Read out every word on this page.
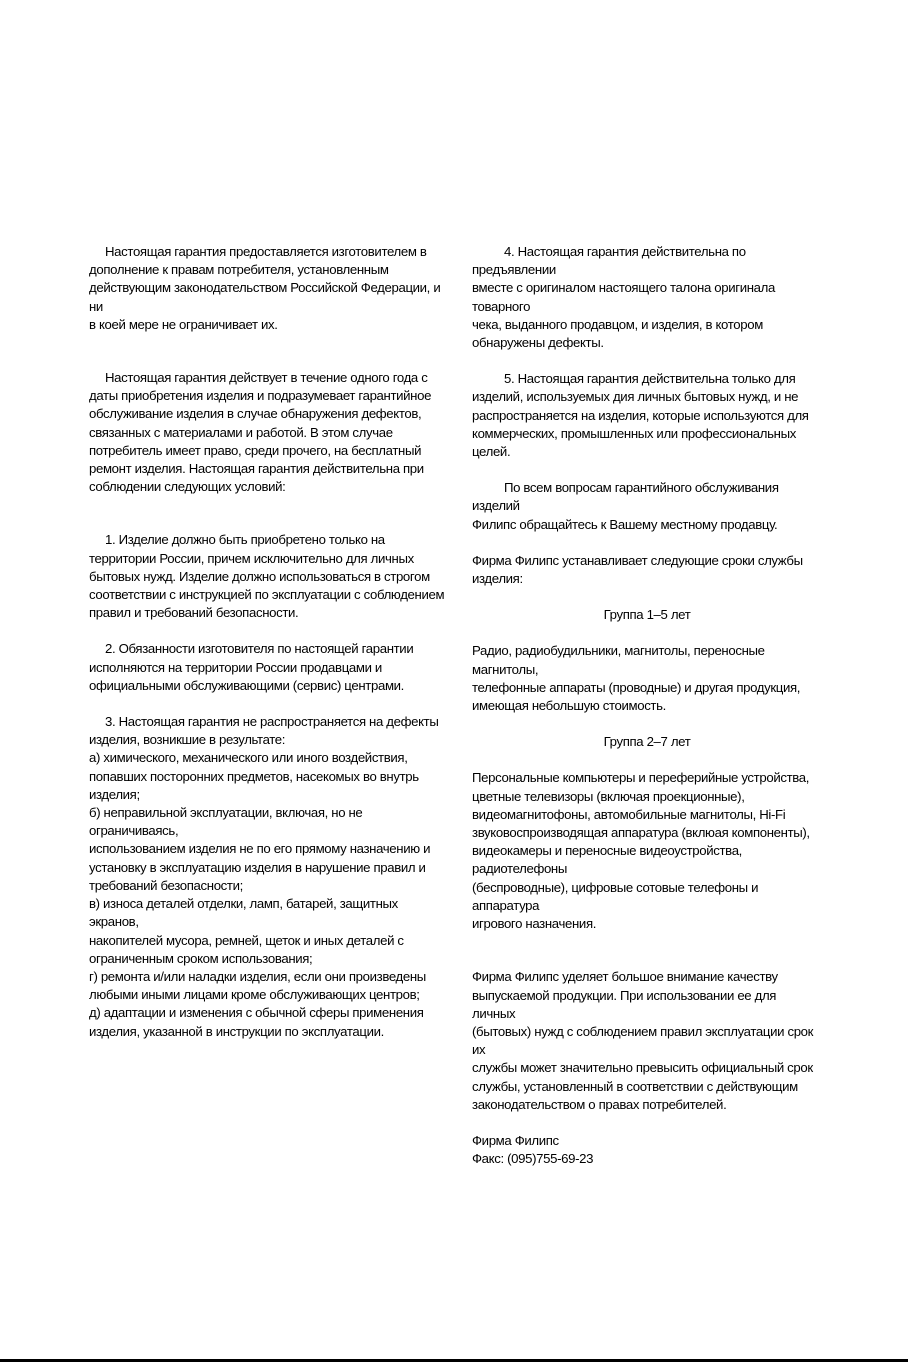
Настоящая гарантия предоставляется изготовителем в
дополнение к правам потребителя, установленным
действующим законодательством Российской Федерации, и ни
в коей мере не ограничивает их.

Настоящая гарантия действует в течение одного года с
даты приобретения изделия и подразумевает гарантийное
обслуживание изделия в случае обнаружения дефектов,
связанных с материалами и работой. В этом случае
потребитель имеет право, среди прочего, на бесплатный
ремонт изделия. Настоящая гарантия действительна при
соблюдении следующих условий:

1. Изделие должно быть приобретено только на
территории России, причем исключительно для личных
бытовых нужд. Изделие должно использоваться в строгом
соответствии с инструкцией по эксплуатации с соблюдением
правил и требований безопасности.

2. Обязанности изготовителя по настоящей гарантии
исполняются на территории России продавцами и
официальными обслуживающими (сервис) центрами.

3. Настоящая гарантия не распространяется на дефекты
изделия, возникшие в результате:

а) химического, механического или иного воздействия,
попавших посторонних предметов, насекомых во внутрь
изделия;

б) неправильной эксплуатации, включая, но не ограничиваясь,
использованием изделия не по его прямому назначению и
установку в эксплуатацию изделия в нарушение правил и
требований безопасности;

в) износа деталей отделки, ламп, батарей, защитных экранов,
накопителей мусора, ремней, щеток и иных деталей с
ограниченным сроком использования;

г) ремонта и/или наладки изделия, если они произведены
любыми иными лицами кроме обслуживающих центров;

д) адаптации и изменения с обычной сферы применения
изделия, указанной в инструкции по эксплуатации.

4. Настоящая гарантия действительна по предъявлении
вместе с оригиналом настоящего талона оригинала товарного
чека, выданного продавцом, и изделия, в котором
обнаружены дефекты.

5. Настоящая гарантия действительна только для
изделий, используемых дия личных бытовых нужд, и не
распространяется на изделия, которые используются для
коммерческих, промышленных или профессиональных целей.

По всем вопросам гарантийного обслуживания изделий
Филипс обращайтесь к Вашему местному продавцу.

Фирма Филипс устанавливает следующие сроки службы
изделия:

Группа 1–5 лет

Радио, радиобудильники, магнитолы, переносные магнитолы,
телефонные аппараты (проводные) и другая продукция,
имеющая небольшую стоимость.

Группа 2–7 лет

Персональные компьютеры и переферийные устройства,
цветные телевизоры (включая проекционные),
видеомагнитофоны, автомобильные магнитолы, Hi-Fi
звуковоспроизводящая аппаратура (вклюая компоненты),
видеокамеры и переносные видеоустройства, радиотелефоны
(беспроводные), цифровые сотовые телефоны и аппаратура
игрового назначения.

Фирма Филипс уделяет большое внимание качеству
выпускаемой продукции. При использовании ее для личных
(бытовых) нужд с соблюдением правил эксплуатации срок их
службы может значительно превысить официальный срок
службы, установленный в соответствии с действующим
законодательством о правах потребителей.

Фирма Филипс

Факс: (095)755-69-23
